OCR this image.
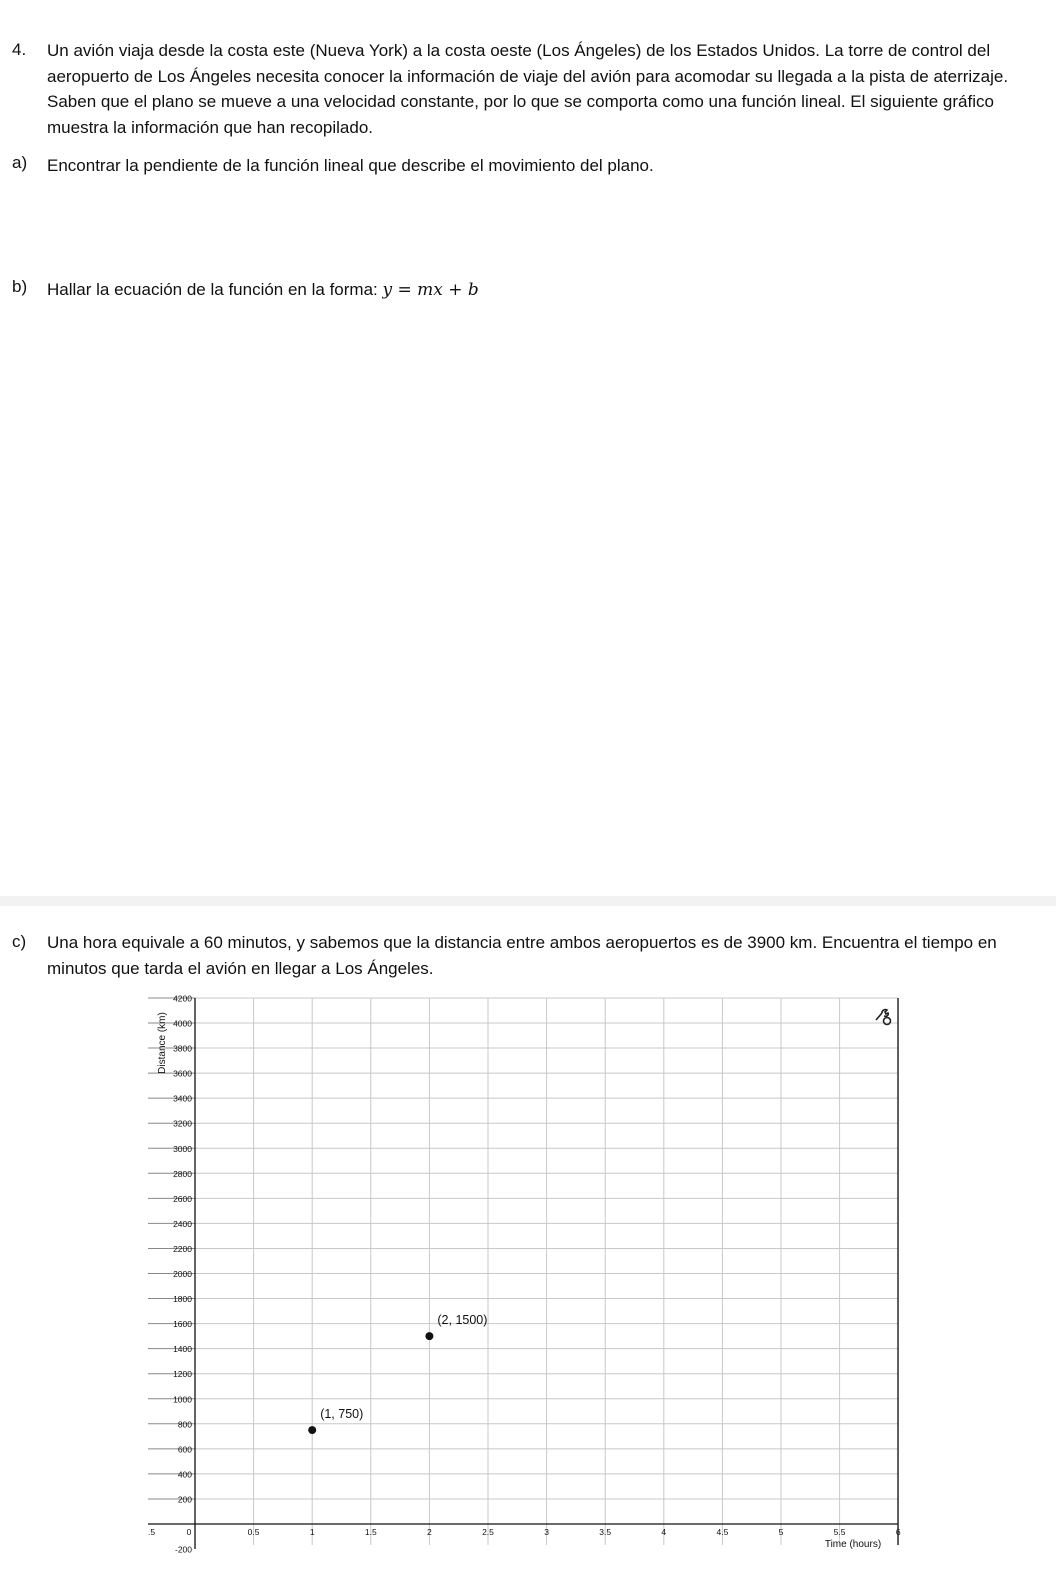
4. Un avión viaja desde la costa este (Nueva York) a la costa oeste (Los Ángeles) de los Estados Unidos. La torre de control del aeropuerto de Los Ángeles necesita conocer la información de viaje del avión para acomodar su llegada a la pista de aterrizaje. Saben que el plano se mueve a una velocidad constante, por lo que se comporta como una función lineal. El siguiente gráfico muestra la información que han recopilado.
a) Encontrar la pendiente de la función lineal que describe el movimiento del plano.
b) Hallar la ecuación de la función en la forma: y = mx + b
c) Una hora equivale a 60 minutos, y sabemos que la distancia entre ambos aeropuertos es de 3900 km. Encuentra el tiempo en minutos que tarda el avión en llegar a Los Ángeles.
-200
200
400
600
800
1000
1200
1400
1600
1800
2000
2200
2400
2600
2800
3000
3200
3400
3600
3800
4000
4200
.5	0	0.5	1	1.5	2	2.5	3	3.5	4	4.5	5	5.5	6
(1, 750)
(2, 1500)
Distance (km)
Time (hours)
